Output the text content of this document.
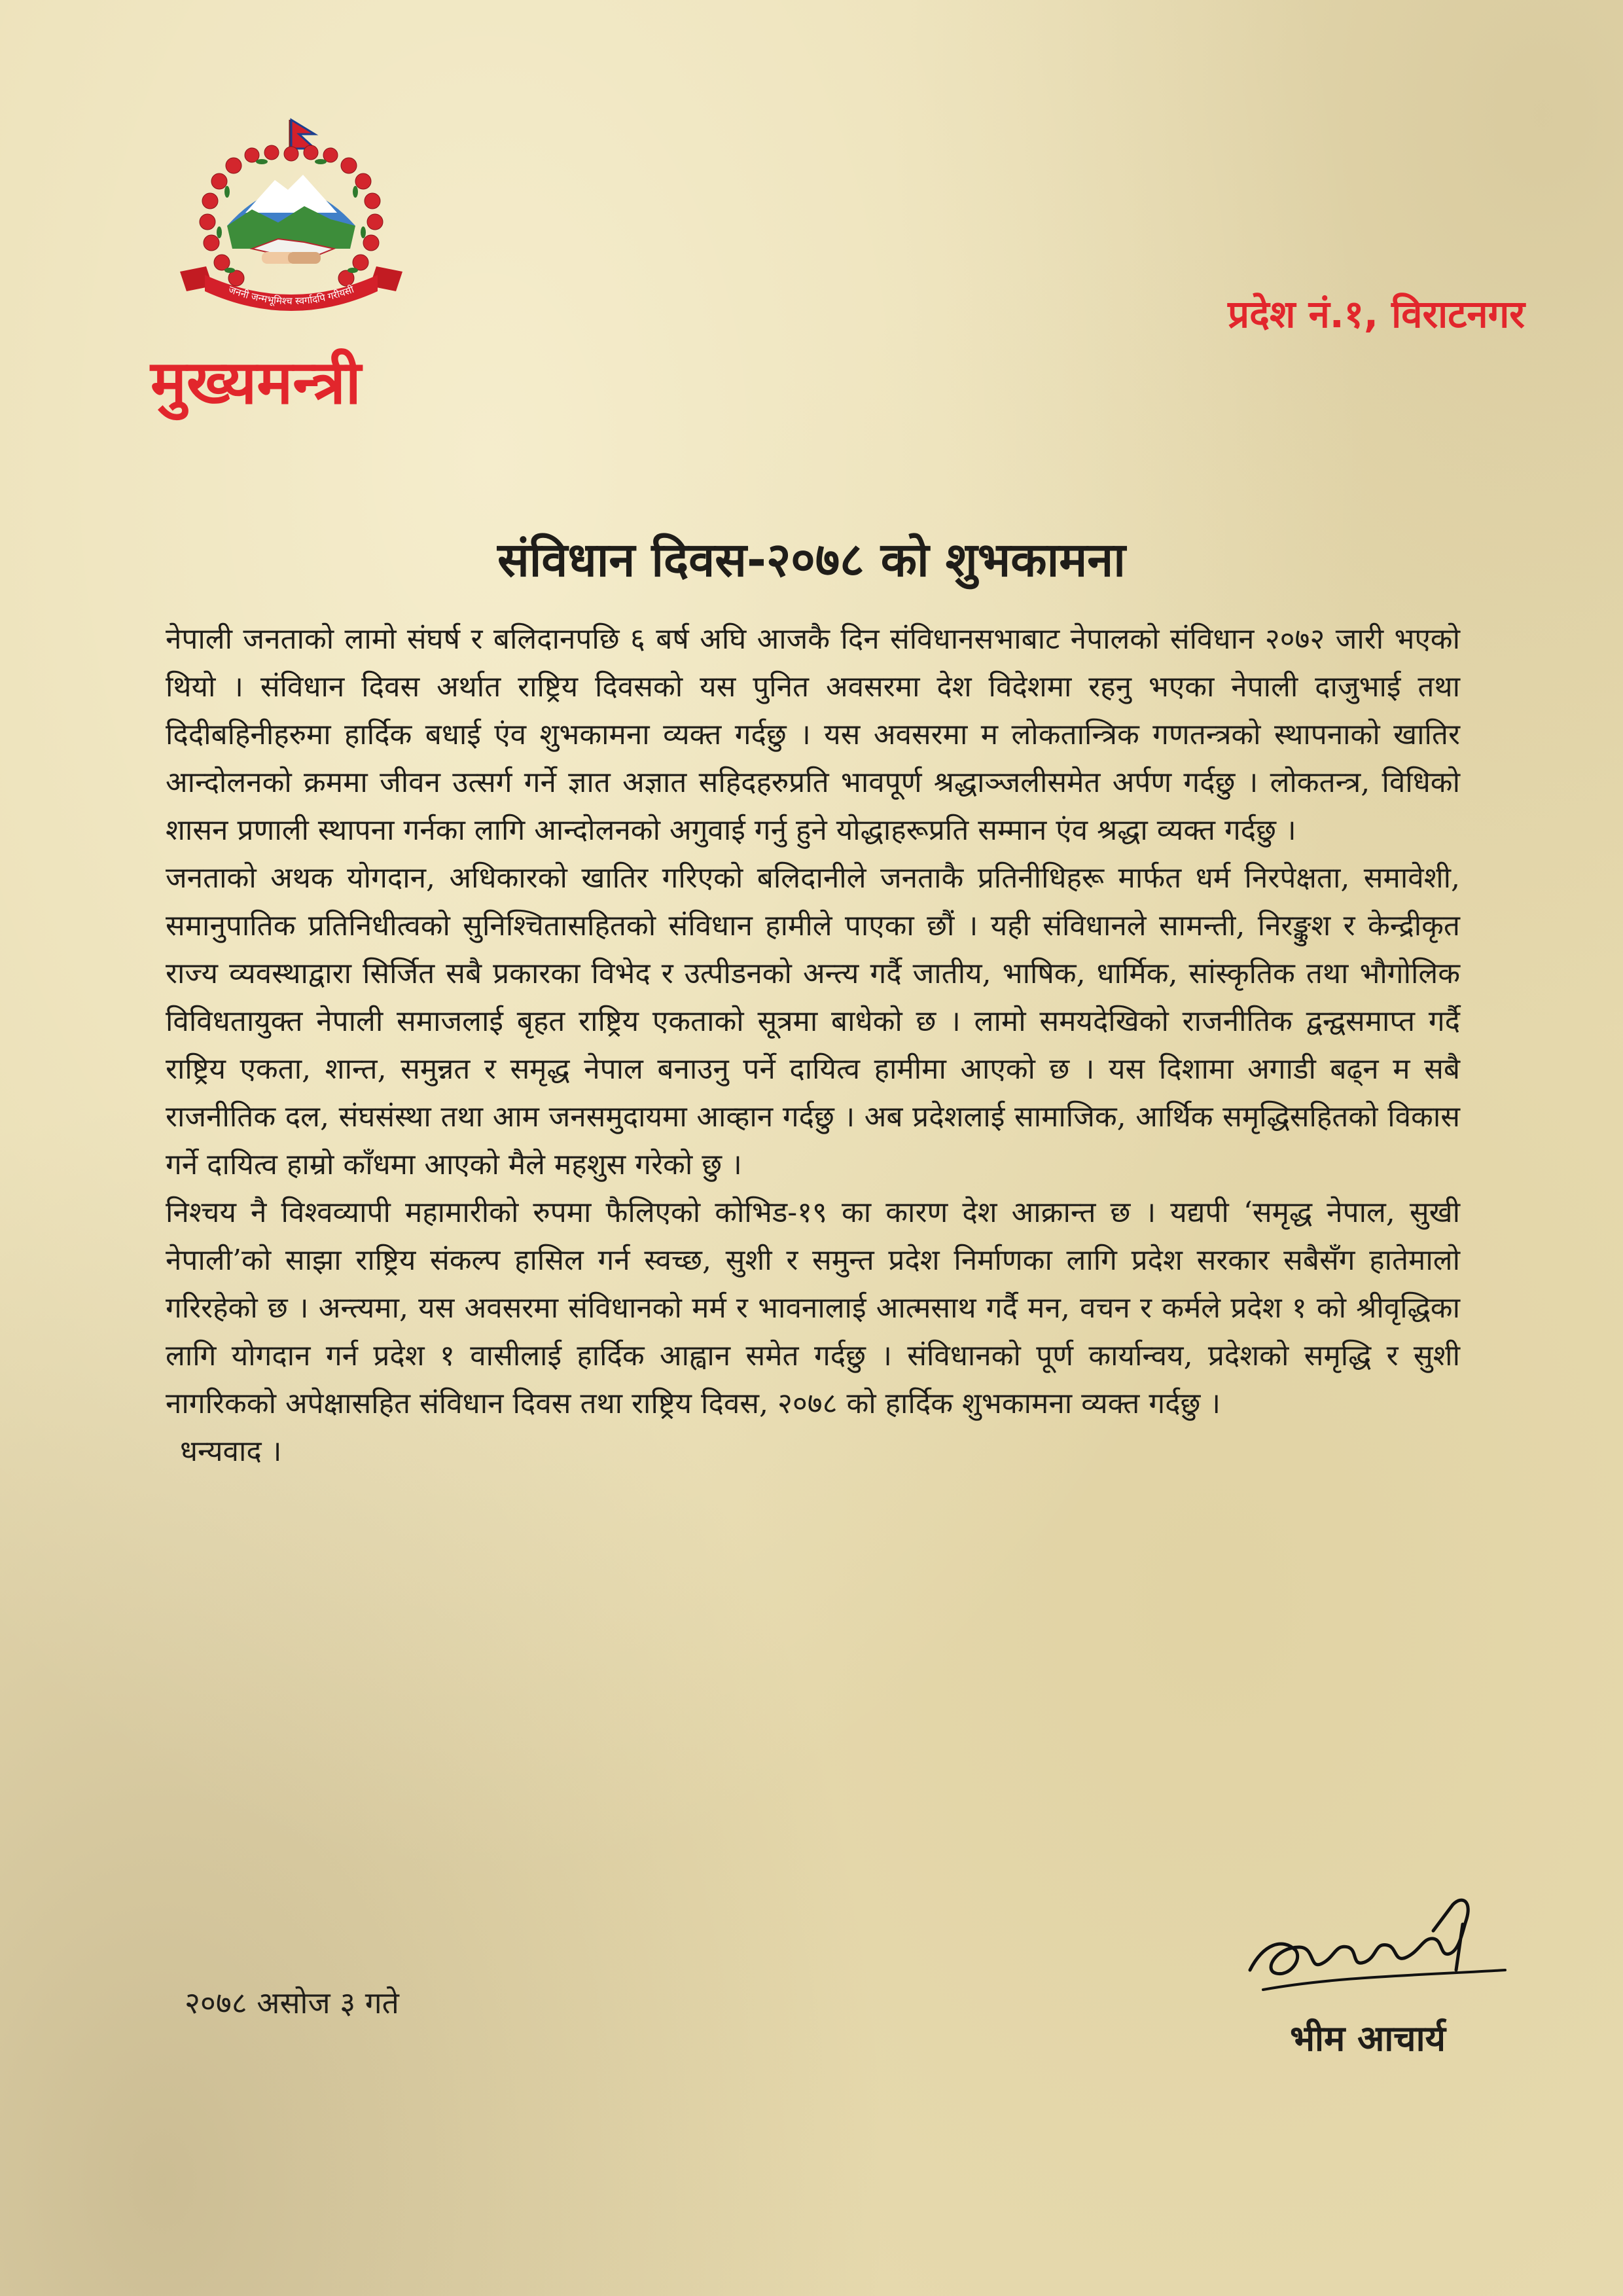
जननी जन्मभूमिश्च स्वर्गादपि गरीयसी
मुख्यमन्त्री
प्रदेश नं.१, विराटनगर
संविधान दिवस-२०७८ को शुभकामना

नेपाली जनताको लामो संघर्ष र बलिदानपछि ६ बर्ष अघि आजकै दिन संविधानसभाबाट नेपालको संविधान २०७२ जारी भएको थियो । संविधान दिवस अर्थात राष्ट्रिय दिवसको यस पुनित अवसरमा देश विदेशमा रहनु भएका नेपाली दाजुभाई तथा दिदीबहिनीहरुमा हार्दिक बधाई एंव शुभकामना व्यक्त गर्दछु । यस अवसरमा म लोकतान्त्रिक गणतन्त्रको स्थापनाको खातिर आन्दोलनको क्रममा जीवन उत्सर्ग गर्ने ज्ञात अज्ञात सहिदहरुप्रति भावपूर्ण श्रद्धाञ्जलीसमेत अर्पण गर्दछु । लोकतन्त्र, विधिको शासन प्रणाली स्थापना गर्नका लागि आन्दोलनको अगुवाई गर्नु हुने योद्धाहरूप्रति सम्मान एंव श्रद्धा व्यक्त गर्दछु ।

जनताको अथक योगदान, अधिकारको खातिर गरिएको बलिदानीले जनताकै प्रतिनीधिहरू मार्फत धर्म निरपेक्षता, समावेशी, समानुपातिक प्रतिनिधीत्वको सुनिश्चितासहितको संविधान हामीले पाएका छौं । यही संविधानले सामन्ती, निरङ्कुश र केन्द्रीकृत राज्य व्यवस्थाद्वारा सिर्जित सबै प्रकारका विभेद र उत्पीडनको अन्त्य गर्दै जातीय, भाषिक, धार्मिक, सांस्कृतिक तथा भौगोलिक विविधतायुक्त नेपाली समाजलाई बृहत राष्ट्रिय एकताको सूत्रमा बाधेको छ । लामो समयदेखिको राजनीतिक द्वन्द्वसमाप्त गर्दै राष्ट्रिय एकता, शान्त, समुन्नत र समृद्ध नेपाल बनाउनु पर्ने दायित्व हामीमा आएको छ । यस दिशामा अगाडी बढ्न म सबै राजनीतिक दल, संघसंस्था तथा आम जनसमुदायमा आव्हान गर्दछु । अब प्रदेशलाई सामाजिक, आर्थिक समृद्धिसहितको विकास गर्ने दायित्व हाम्रो काँधमा आएको मैले महशुस गरेको छु ।

निश्चय नै विश्वव्यापी महामारीको रुपमा फैलिएको कोभिड-१९ का कारण देश आक्रान्त छ । यद्यपी ‘समृद्ध नेपाल, सुखी नेपाली’को साझा राष्ट्रिय संकल्प हासिल गर्न स्वच्छ, सुशी र समुन्त प्रदेश निर्माणका लागि प्रदेश सरकार सबैसँग हातेमालो गरिरहेको छ । अन्त्यमा, यस अवसरमा संविधानको मर्म र भावनालाई आत्मसाथ गर्दै मन, वचन र कर्मले प्रदेश १ को श्रीवृद्धिका लागि योगदान गर्न प्रदेश १ वासीलाई हार्दिक आह्वान समेत गर्दछु । संविधानको पूर्ण कार्यान्वय, प्रदेशको समृद्धि र सुशी नागरिकको अपेक्षासहित संविधान दिवस तथा राष्ट्रिय दिवस, २०७८ को हार्दिक शुभकामना व्यक्त गर्दछु ।

धन्यवाद ।

२०७८ असोज ३ गते
भीम आचार्य
